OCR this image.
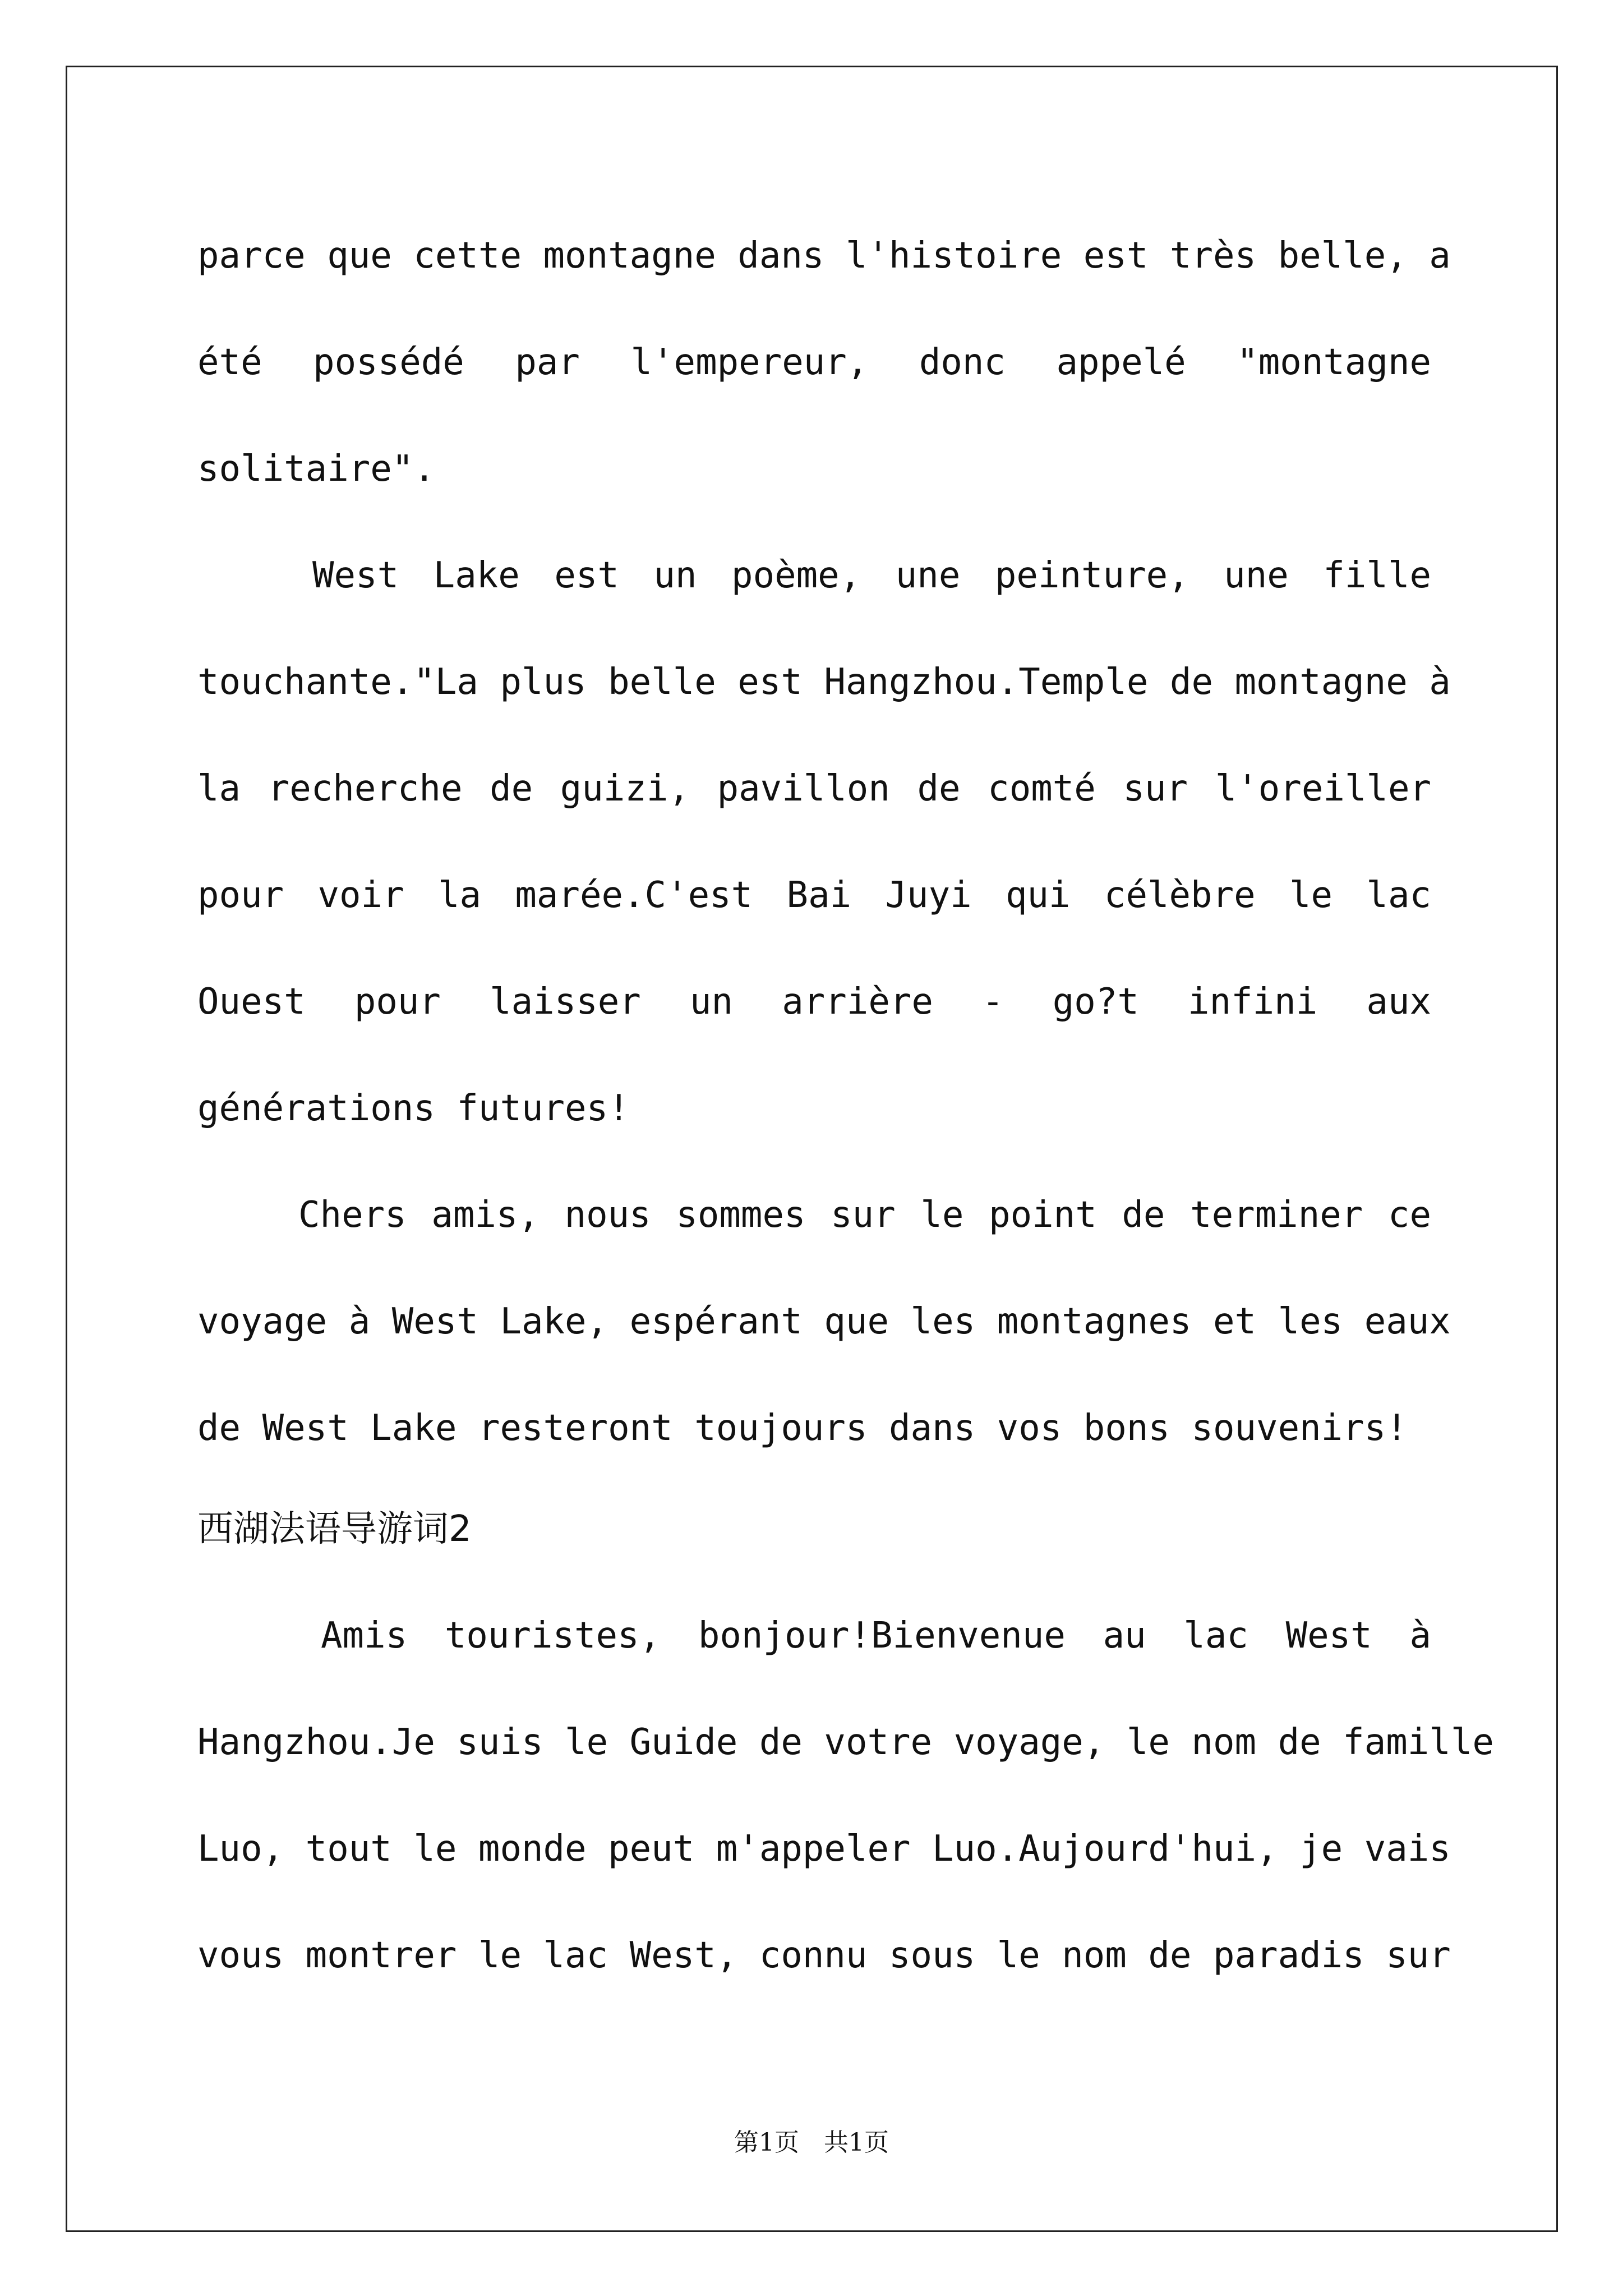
parce que cette montagne dans l'histoire est très belle, a
été possédé par l'empereur, donc appelé "montagne
solitaire".
West Lake est un poème, une peinture, une fille
touchante."La plus belle est Hangzhou.Temple de montagne à
la recherche de guizi, pavillon de comté sur l'oreiller
pour voir la marée.C'est Bai Juyi qui célèbre le lac
Ouest pour laisser un arrière - go?t infini aux
générations futures!
Chers amis, nous sommes sur le point de terminer ce
voyage à West Lake, espérant que les montagnes et les eaux
de West Lake resteront toujours dans vos bons souvenirs!
西湖法语导游词2
Amis touristes, bonjour!Bienvenue au lac West à
Hangzhou.Je suis le Guide de votre voyage, le nom de famille
Luo, tout le monde peut m'appeler Luo.Aujourd'hui, je vais
vous montrer le lac West, connu sous le nom de paradis sur
第1页　共1页
